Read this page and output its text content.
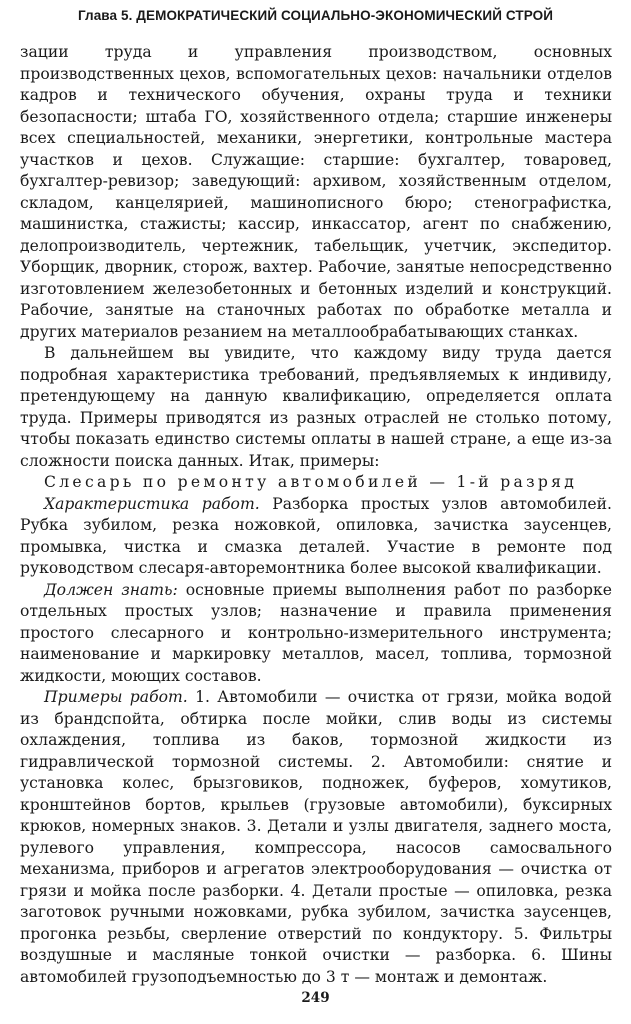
Глава 5. ДЕМОКРАТИЧЕСКИЙ СОЦИАЛЬНО-ЭКОНОМИЧЕСКИЙ СТРОЙ

зации труда и управления производством, основных производственных цехов, вспомогательных цехов: начальники отделов кадров и технического обучения, охраны труда и техники безопасности; штаба ГО, хозяйственного отдела; старшие инженеры всех специальностей, механики, энергетики, контрольные мастера участков и цехов. Служащие: старшие: бухгалтер, товаровед, бухгалтер-ревизор; заведующий: архивом, хозяйственным отделом, складом, канцелярией, машинописного бюро; стенографистка, машинистка, стажисты; кассир, инкассатор, агент по снабжению, делопроизводитель, чертежник, табельщик, учетчик, экспедитор. Уборщик, дворник, сторож, вахтер. Рабочие, занятые непосредственно изготовлением железобетонных и бетонных изделий и конструкций. Рабочие, занятые на станочных работах по обработке металла и других материалов резанием на металлообрабатывающих станках.

В дальнейшем вы увидите, что каждому виду труда дается подробная характеристика требований, предъявляемых к индивиду, претендующему на данную квалификацию, определяется оплата труда. Примеры приводятся из разных отраслей не столько потому, чтобы показать единство системы оплаты в нашей стране, а еще из-за сложности поиска данных. Итак, примеры:

Слесарь по ремонту автомобилей — 1-й разряд

Характеристика работ. Разборка простых узлов автомобилей. Рубка зубилом, резка ножовкой, опиловка, зачистка заусенцев, промывка, чистка и смазка деталей. Участие в ремонте под руководством слесаря-авторемонтника более высокой квалификации.

Должен знать: основные приемы выполнения работ по разборке отдельных простых узлов; назначение и правила применения простого слесарного и контрольно-измерительного инструмента; наименование и маркировку металлов, масел, топлива, тормозной жидкости, моющих составов.

Примеры работ. 1. Автомобили — очистка от грязи, мойка водой из брандспойта, обтирка после мойки, слив воды из системы охлаждения, топлива из баков, тормозной жидкости из гидравлической тормозной системы. 2. Автомобили: снятие и установка колес, брызговиков, подножек, буферов, хомутиков, кронштейнов бортов, крыльев (грузовые автомобили), буксирных крюков, номерных знаков. 3. Детали и узлы двигателя, заднего моста, рулевого управления, компрессора, насосов самосвального механизма, приборов и агрегатов электрооборудования — очистка от грязи и мойка после разборки. 4. Детали простые — опиловка, резка заготовок ручными ножовками, рубка зубилом, зачистка заусенцев, прогонка резьбы, сверление отверстий по кондуктору. 5. Фильтры воздушные и масляные тонкой очистки — разборка. 6. Шины автомобилей грузоподъемностью до 3 т — монтаж и демонтаж.

249
